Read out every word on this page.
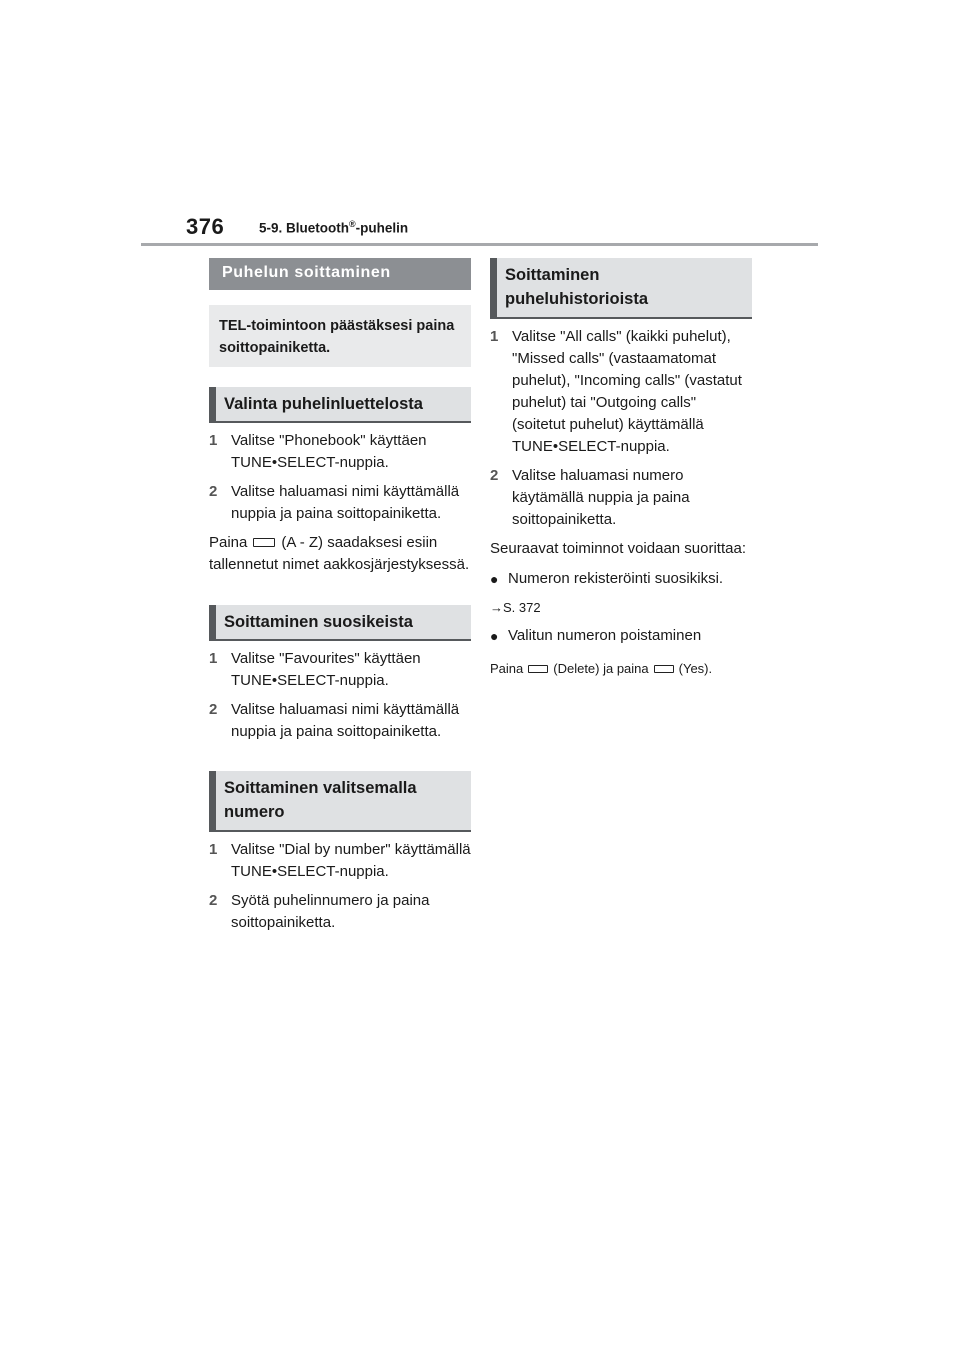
376	5-9. Bluetooth®-puhelin
Puhelun soittaminen
TEL-toimintoon päästäksesi paina soittopainiketta.
Valinta puhelinluettelosta
1 Valitse "Phonebook" käyttäen TUNE•SELECT-nuppia.
2 Valitse haluamasi nimi käyttämällä nuppia ja paina soittopainiketta.
Paina (A - Z) saadaksesi esiin tallennetut nimet aakkosjärjestyksessä.
Soittaminen suosikeista
1 Valitse "Favourites" käyttäen TUNE•SELECT-nuppia.
2 Valitse haluamasi nimi käyttämällä nuppia ja paina soittopainiketta.
Soittaminen valitsemalla numero
1 Valitse "Dial by number" käyttämällä TUNE•SELECT-nuppia.
2 Syötä puhelinnumero ja paina soittopainiketta.
Soittaminen puheluhistorioista
1 Valitse "All calls" (kaikki puhelut), "Missed calls" (vastaamatomat puhelut), "Incoming calls" (vastatut puhelut) tai "Outgoing calls" (soitetut puhelut) käyttämällä TUNE•SELECT-nuppia.
2 Valitse haluamasi numero käytämällä nuppia ja paina soittopainiketta.
Seuraavat toiminnot voidaan suorittaa:
● Numeron rekisteröinti suosikiksi.
→S. 372
● Valitun numeron poistaminen
Paina (Delete) ja paina (Yes).
